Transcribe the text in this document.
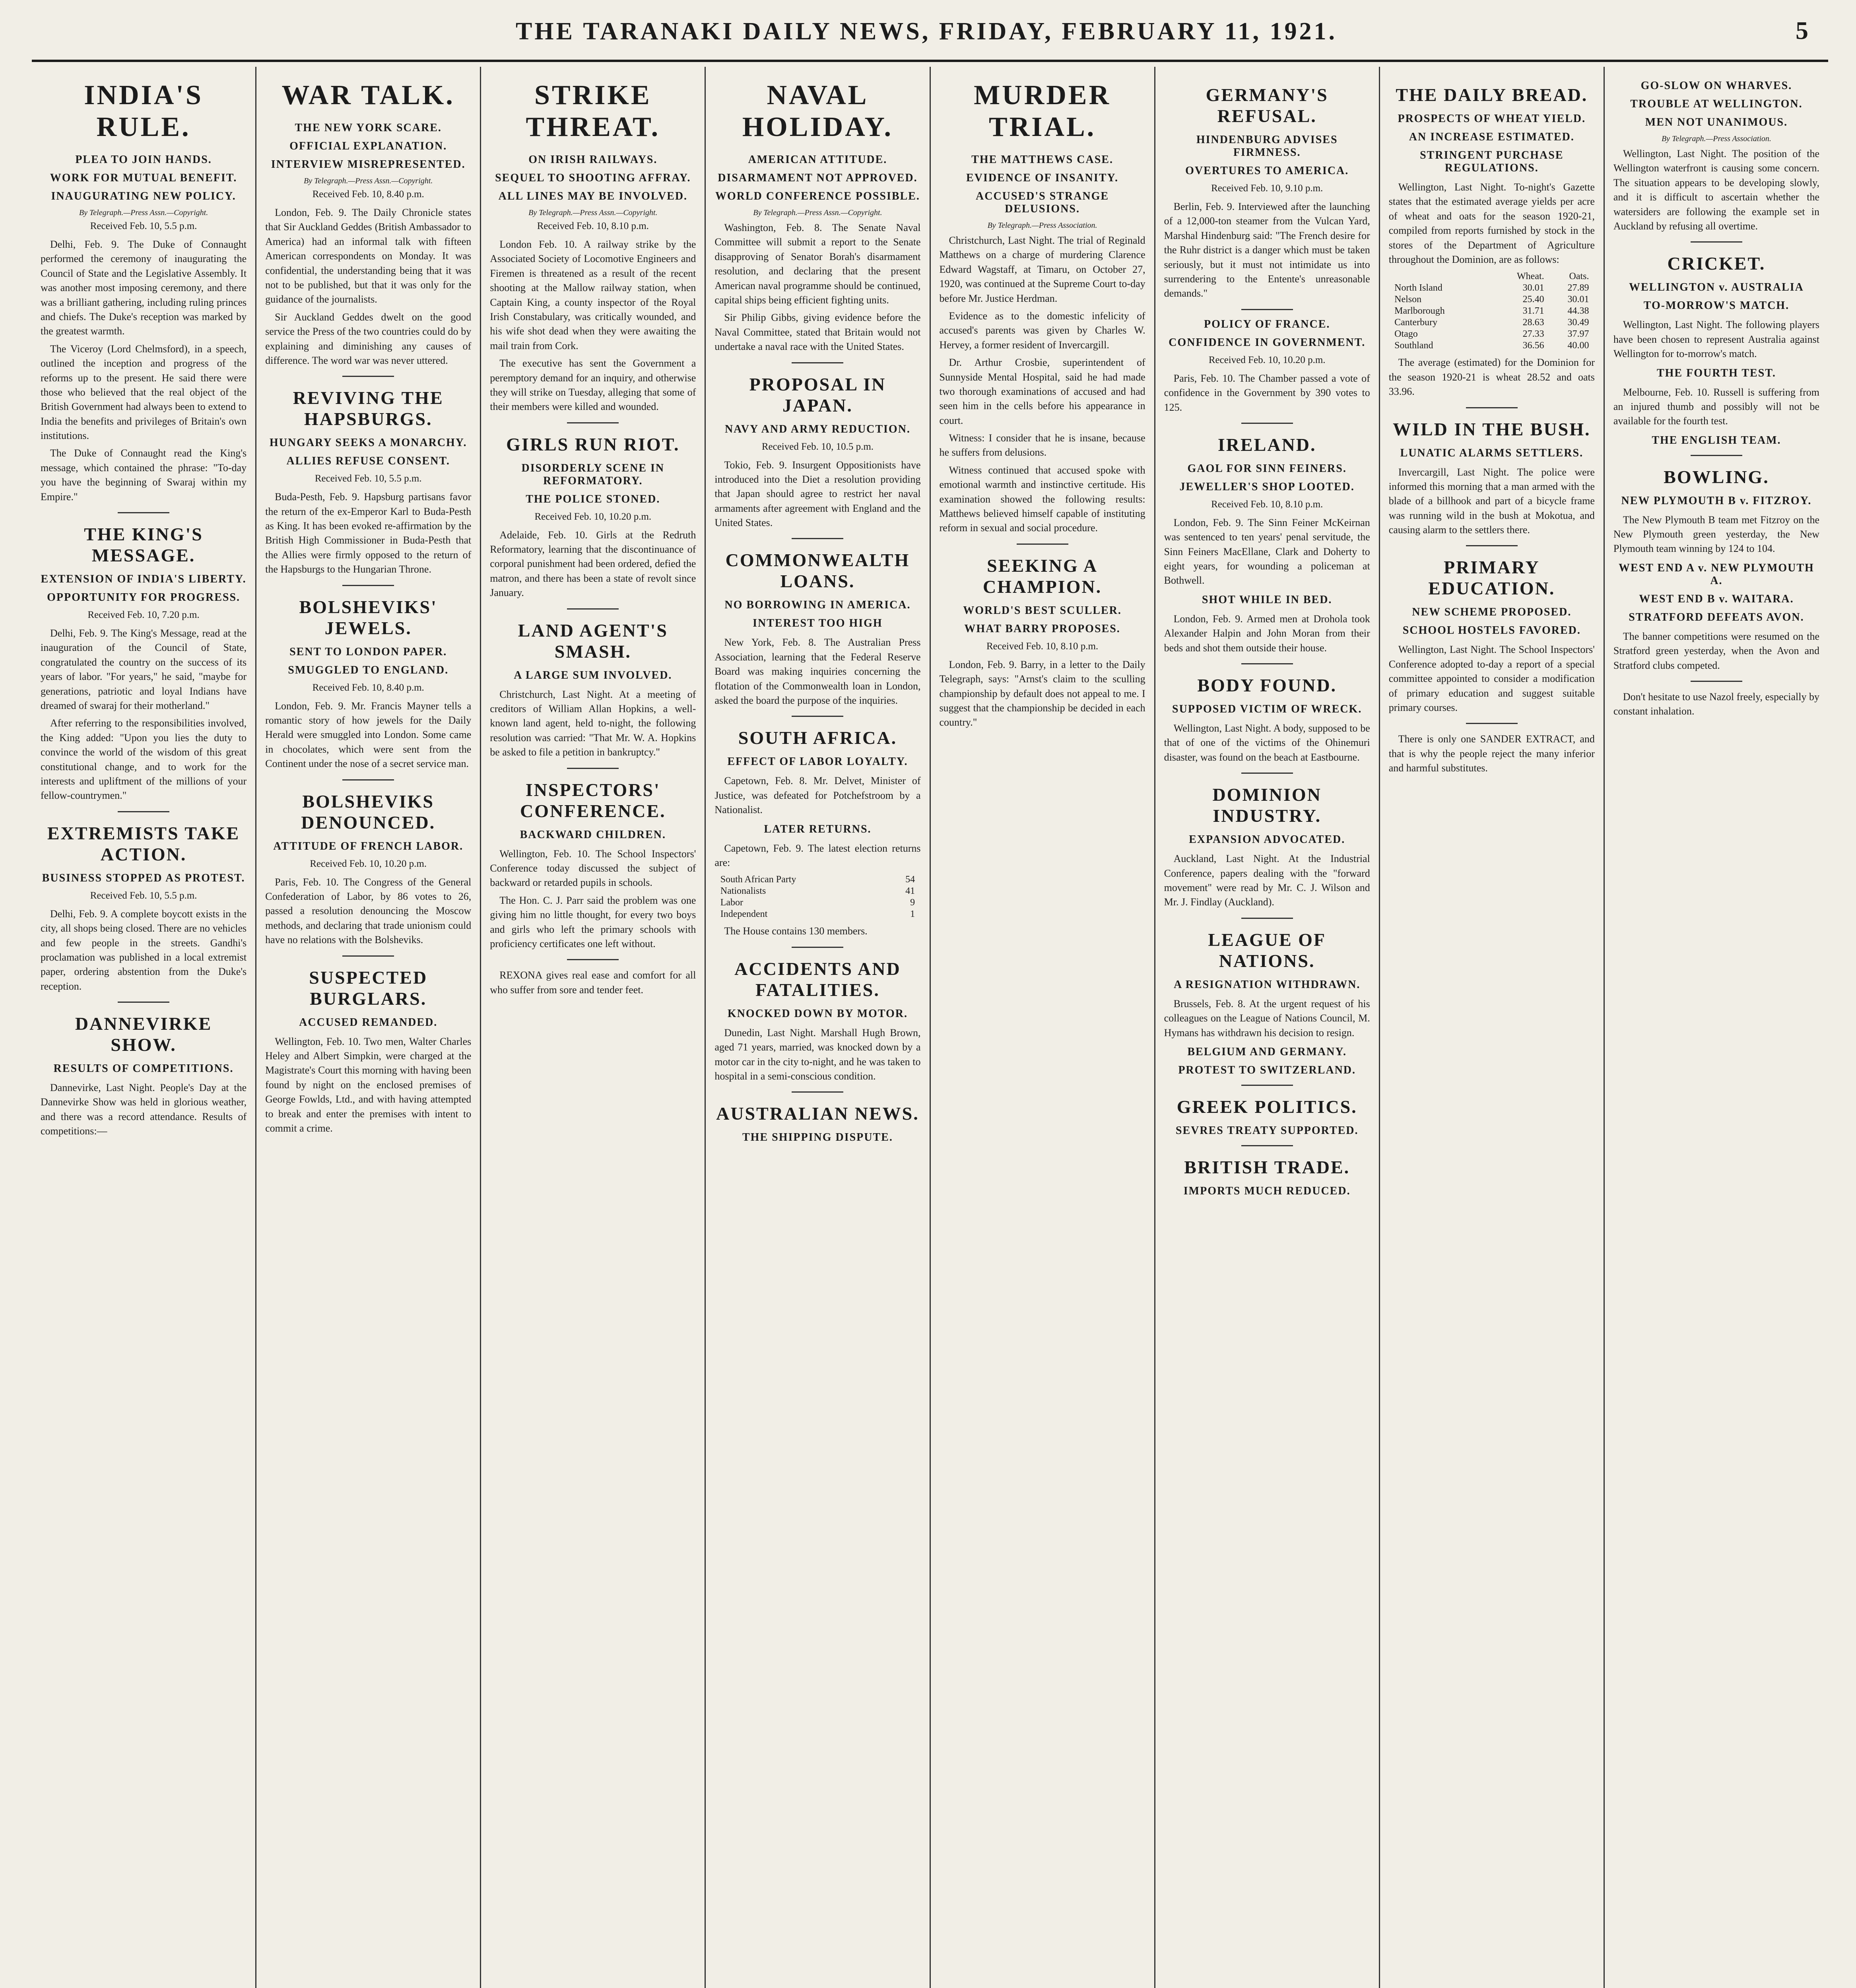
THE TARANAKI DAILY NEWS, FRIDAY, FEBRUARY 11, 1921.	5
INDIA'S RULE.
PLEA TO JOIN HANDS.
WORK FOR MUTUAL BENEFIT.
INAUGURATING NEW POLICY.
By Telegraph.—Press Assn.—Copyright.
Received Feb. 10, 5.5 p.m.

Delhi, Feb. 9. The Duke of Connaught performed the ceremony of inaugurating the Council of State and the Legislative Assembly. It was another most imposing ceremony, and there was a brilliant gathering, including ruling princes and chiefs. The Duke's reception was marked by the greatest warmth.

The Viceroy (Lord Chelmsford), in a speech, outlined the inception and progress of the reforms up to the present. He said there were those who believed that the real object of the British Government had always been to extend to India the benefits and privileges of Britain's own institutions.

The Duke of Connaught read the King's message, which contained the phrase: "To-day you have the beginning of Swaraj within my Empire."

THE KING'S MESSAGE.
EXTENSION OF INDIA'S LIBERTY.
OPPORTUNITY FOR PROGRESS.
Received Feb. 10, 7.20 p.m.

Delhi, Feb. 9. The King's Message, read at the inauguration of the Council of State, congratulated the country on the success of its years of labor. "For years," he said, "maybe for generations, patriotic and loyal Indians have dreamed of swaraj for their motherland."

After referring to the responsibilities involved, the King added: "Upon you lies the duty to convince the world of the wisdom of this great constitutional change, and to work for the interests and upliftment of the millions of your fellow-countrymen."

EXTREMISTS TAKE ACTION.
BUSINESS STOPPED AS PROTEST.
Received Feb. 10, 5.5 p.m.

Delhi, Feb. 9. A complete boycott exists in the city, all shops being closed. There are no vehicles and few people in the streets. Gandhi's proclamation was published in a local extremist paper, ordering abstention from the Duke's reception.

DANNEVIRKE SHOW.
RESULTS OF COMPETITIONS.

Dannevirke, Last Night. People's Day at the Dannevirke Show was held in glorious weather, and there was a record attendance. Results of competitions:—

WAR TALK.
THE NEW YORK SCARE.
OFFICIAL EXPLANATION.
INTERVIEW MISREPRESENTED.
By Telegraph.—Press Assn.—Copyright.
Received Feb. 10, 8.40 p.m.

London, Feb. 9. The Daily Chronicle states that Sir Auckland Geddes (British Ambassador to America) had an informal talk with fifteen American correspondents on Monday. It was confidential, the understanding being that it was not to be published, but that it was only for the guidance of the journalists.

Sir Auckland Geddes dwelt on the good service the Press of the two countries could do by explaining and diminishing any causes of difference. The word war was never uttered.

REVIVING THE HAPSBURGS.
HUNGARY SEEKS A MONARCHY.
ALLIES REFUSE CONSENT.
Received Feb. 10, 5.5 p.m.

Buda-Pesth, Feb. 9. Hapsburg partisans favor the return of the ex-Emperor Karl to Buda-Pesth as King. It has been evoked re-affirmation by the British High Commissioner in Buda-Pesth that the Allies were firmly opposed to the return of the Hapsburgs to the Hungarian Throne.

BOLSHEVIKS' JEWELS.
SENT TO LONDON PAPER.
SMUGGLED TO ENGLAND.
Received Feb. 10, 8.40 p.m.

London, Feb. 9. Mr. Francis Mayner tells a romantic story of how jewels for the Daily Herald were smuggled into London. Some came in chocolates, which were sent from the Continent under the nose of a secret service man.

BOLSHEVIKS DENOUNCED.
ATTITUDE OF FRENCH LABOR.
Received Feb. 10, 10.20 p.m.

Paris, Feb. 10. The Congress of the General Confederation of Labor, by 86 votes to 26, passed a resolution denouncing the Moscow methods, and declaring that trade unionism could have no relations with the Bolsheviks.

SUSPECTED BURGLARS.
ACCUSED REMANDED.

Wellington, Feb. 10. Two men, Walter Charles Heley and Albert Simpkin, were charged at the Magistrate's Court this morning with having been found by night on the enclosed premises of George Fowlds, Ltd., and with having attempted to break and enter the premises with intent to commit a crime.

STRIKE THREAT.
ON IRISH RAILWAYS.
SEQUEL TO SHOOTING AFFRAY.
ALL LINES MAY BE INVOLVED.
By Telegraph.—Press Assn.—Copyright.
Received Feb. 10, 8.10 p.m.

London Feb. 10. A railway strike by the Associated Society of Locomotive Engineers and Firemen is threatened as a result of the recent shooting at the Mallow railway station, when Captain King, a county inspector of the Royal Irish Constabulary, was critically wounded, and his wife shot dead when they were awaiting the mail train from Cork.

The executive has sent the Government a peremptory demand for an inquiry, and otherwise they will strike on Tuesday, alleging that some of their members were killed and wounded.

GIRLS RUN RIOT.
DISORDERLY SCENE IN REFORMATORY.
THE POLICE STONED.
Received Feb. 10, 10.20 p.m.

Adelaide, Feb. 10. Girls at the Redruth Reformatory, learning that the discontinuance of corporal punishment had been ordered, defied the matron, and there has been a state of revolt since January.

LAND AGENT'S SMASH.
A LARGE SUM INVOLVED.

Christchurch, Last Night. At a meeting of creditors of William Allan Hopkins, a well-known land agent, held to-night, the following resolution was carried: "That Mr. W. A. Hopkins be asked to file a petition in bankruptcy."

INSPECTORS' CONFERENCE.
BACKWARD CHILDREN.

Wellington, Feb. 10. The School Inspectors' Conference today discussed the subject of backward or retarded pupils in schools.

The Hon. C. J. Parr said the problem was one giving him no little thought, for every two boys and girls who left the primary schools with proficiency certificates one left without.

REXONA gives real ease and comfort for all who suffer from sore and tender feet.

NAVAL HOLIDAY.
AMERICAN ATTITUDE.
DISARMAMENT NOT APPROVED.
WORLD CONFERENCE POSSIBLE.
By Telegraph.—Press Assn.—Copyright.

Washington, Feb. 8. The Senate Naval Committee will submit a report to the Senate disapproving of Senator Borah's disarmament resolution, and declaring that the present American naval programme should be continued, capital ships being efficient fighting units.

Sir Philip Gibbs, giving evidence before the Naval Committee, stated that Britain would not undertake a naval race with the United States.

PROPOSAL IN JAPAN.
NAVY AND ARMY REDUCTION.
Received Feb. 10, 10.5 p.m.

Tokio, Feb. 9. Insurgent Oppositionists have introduced into the Diet a resolution providing that Japan should agree to restrict her naval armaments after agreement with England and the United States.

COMMONWEALTH LOANS.
NO BORROWING IN AMERICA.
INTEREST TOO HIGH

New York, Feb. 8. The Australian Press Association, learning that the Federal Reserve Board was making inquiries concerning the flotation of the Commonwealth loan in London, asked the board the purpose of the inquiries.

SOUTH AFRICA.
EFFECT OF LABOR LOYALTY.

Capetown, Feb. 8. Mr. Delvet, Minister of Justice, was defeated for Potchefstroom by a Nationalist.

LATER RETURNS.

Capetown, Feb. 9. The latest election returns are:

South African Party	54
Nationalists	41
Labor	9
Independent	1

The House contains 130 members.

ACCIDENTS AND FATALITIES.
KNOCKED DOWN BY MOTOR.

Dunedin, Last Night. Marshall Hugh Brown, aged 71 years, married, was knocked down by a motor car in the city to-night, and he was taken to hospital in a semi-conscious condition.

AUSTRALIAN NEWS.
THE SHIPPING DISPUTE.
MURDER TRIAL.
THE MATTHEWS CASE.
EVIDENCE OF INSANITY.
ACCUSED'S STRANGE DELUSIONS.
By Telegraph.—Press Association.

Christchurch, Last Night. The trial of Reginald Matthews on a charge of murdering Clarence Edward Wagstaff, at Timaru, on October 27, 1920, was continued at the Supreme Court to-day before Mr. Justice Herdman.

Evidence as to the domestic infelicity of accused's parents was given by Charles W. Hervey, a former resident of Invercargill.

Dr. Arthur Crosbie, superintendent of Sunnyside Mental Hospital, said he had made two thorough examinations of accused and had seen him in the cells before his appearance in court.

Witness: I consider that he is insane, because he suffers from delusions.

Witness continued that accused spoke with emotional warmth and instinctive certitude. His examination showed the following results: Matthews believed himself capable of instituting reform in sexual and social procedure.

SEEKING A CHAMPION.
WORLD'S BEST SCULLER.
WHAT BARRY PROPOSES.
Received Feb. 10, 8.10 p.m.

London, Feb. 9. Barry, in a letter to the Daily Telegraph, says: "Arnst's claim to the sculling championship by default does not appeal to me. I suggest that the championship be decided in each country."

GERMANY'S REFUSAL.
HINDENBURG ADVISES FIRMNESS.
OVERTURES TO AMERICA.
Received Feb. 10, 9.10 p.m.

Berlin, Feb. 9. Interviewed after the launching of a 12,000-ton steamer from the Vulcan Yard, Marshal Hindenburg said: "The French desire for the Ruhr district is a danger which must be taken seriously, but it must not intimidate us into surrendering to the Entente's unreasonable demands."

POLICY OF FRANCE.
CONFIDENCE IN GOVERNMENT.
Received Feb. 10, 10.20 p.m.

Paris, Feb. 10. The Chamber passed a vote of confidence in the Government by 390 votes to 125.

IRELAND.
GAOL FOR SINN FEINERS.
JEWELLER'S SHOP LOOTED.
Received Feb. 10, 8.10 p.m.

London, Feb. 9. The Sinn Feiner McKeirnan was sentenced to ten years' penal servitude, the Sinn Feiners MacEllane, Clark and Doherty to eight years, for wounding a policeman at Bothwell.

SHOT WHILE IN BED.

London, Feb. 9. Armed men at Drohola took Alexander Halpin and John Moran from their beds and shot them outside their house.

BODY FOUND.
SUPPOSED VICTIM OF WRECK.

Wellington, Last Night. A body, supposed to be that of one of the victims of the Ohinemuri disaster, was found on the beach at Eastbourne.

DOMINION INDUSTRY.
EXPANSION ADVOCATED.

Auckland, Last Night. At the Industrial Conference, papers dealing with the "forward movement" were read by Mr. C. J. Wilson and Mr. J. Findlay (Auckland).

LEAGUE OF NATIONS.
A RESIGNATION WITHDRAWN.

Brussels, Feb. 8. At the urgent request of his colleagues on the League of Nations Council, M. Hymans has withdrawn his decision to resign.

BELGIUM AND GERMANY.
PROTEST TO SWITZERLAND.
GREEK POLITICS.
SEVRES TREATY SUPPORTED.
BRITISH TRADE.
IMPORTS MUCH REDUCED.
THE DAILY BREAD.
PROSPECTS OF WHEAT YIELD.
AN INCREASE ESTIMATED.
STRINGENT PURCHASE REGULATIONS.

Wellington, Last Night. To-night's Gazette states that the estimated average yields per acre of wheat and oats for the season 1920-21, compiled from reports furnished by stock in the stores of the Department of Agriculture throughout the Dominion, are as follows:

	Wheat.	Oats.
North Island	30.01	27.89
Nelson	25.40	30.01
Marlborough	31.71	44.38
Canterbury	28.63	30.49
Otago	27.33	37.97
Southland	36.56	40.00

The average (estimated) for the Dominion for the season 1920-21 is wheat 28.52 and oats 33.96.

WILD IN THE BUSH.
LUNATIC ALARMS SETTLERS.

Invercargill, Last Night. The police were informed this morning that a man armed with the blade of a billhook and part of a bicycle frame was running wild in the bush at Mokotua, and causing alarm to the settlers there.

PRIMARY EDUCATION.
NEW SCHEME PROPOSED.
SCHOOL HOSTELS FAVORED.

Wellington, Last Night. The School Inspectors' Conference adopted to-day a report of a special committee appointed to consider a modification of primary education and suggest suitable primary courses.

There is only one SANDER EXTRACT, and that is why the people reject the many inferior and harmful substitutes.

GO-SLOW ON WHARVES.
TROUBLE AT WELLINGTON.
MEN NOT UNANIMOUS.
By Telegraph.—Press Association.

Wellington, Last Night. The position of the Wellington waterfront is causing some concern. The situation appears to be developing slowly, and it is difficult to ascertain whether the watersiders are following the example set in Auckland by refusing all overtime.

CRICKET.
WELLINGTON v. AUSTRALIA
TO-MORROW'S MATCH.

Wellington, Last Night. The following players have been chosen to represent Australia against Wellington for to-morrow's match.

THE FOURTH TEST.

Melbourne, Feb. 10. Russell is suffering from an injured thumb and possibly will not be available for the fourth test.

THE ENGLISH TEAM.
BOWLING.
NEW PLYMOUTH B v. FITZROY.

The New Plymouth B team met Fitzroy on the New Plymouth green yesterday, the New Plymouth team winning by 124 to 104.

WEST END A v. NEW PLYMOUTH A.
WEST END B v. WAITARA.
STRATFORD DEFEATS AVON.

The banner competitions were resumed on the Stratford green yesterday, when the Avon and Stratford clubs competed.

Don't hesitate to use Nazol freely, especially by constant inhalation.
